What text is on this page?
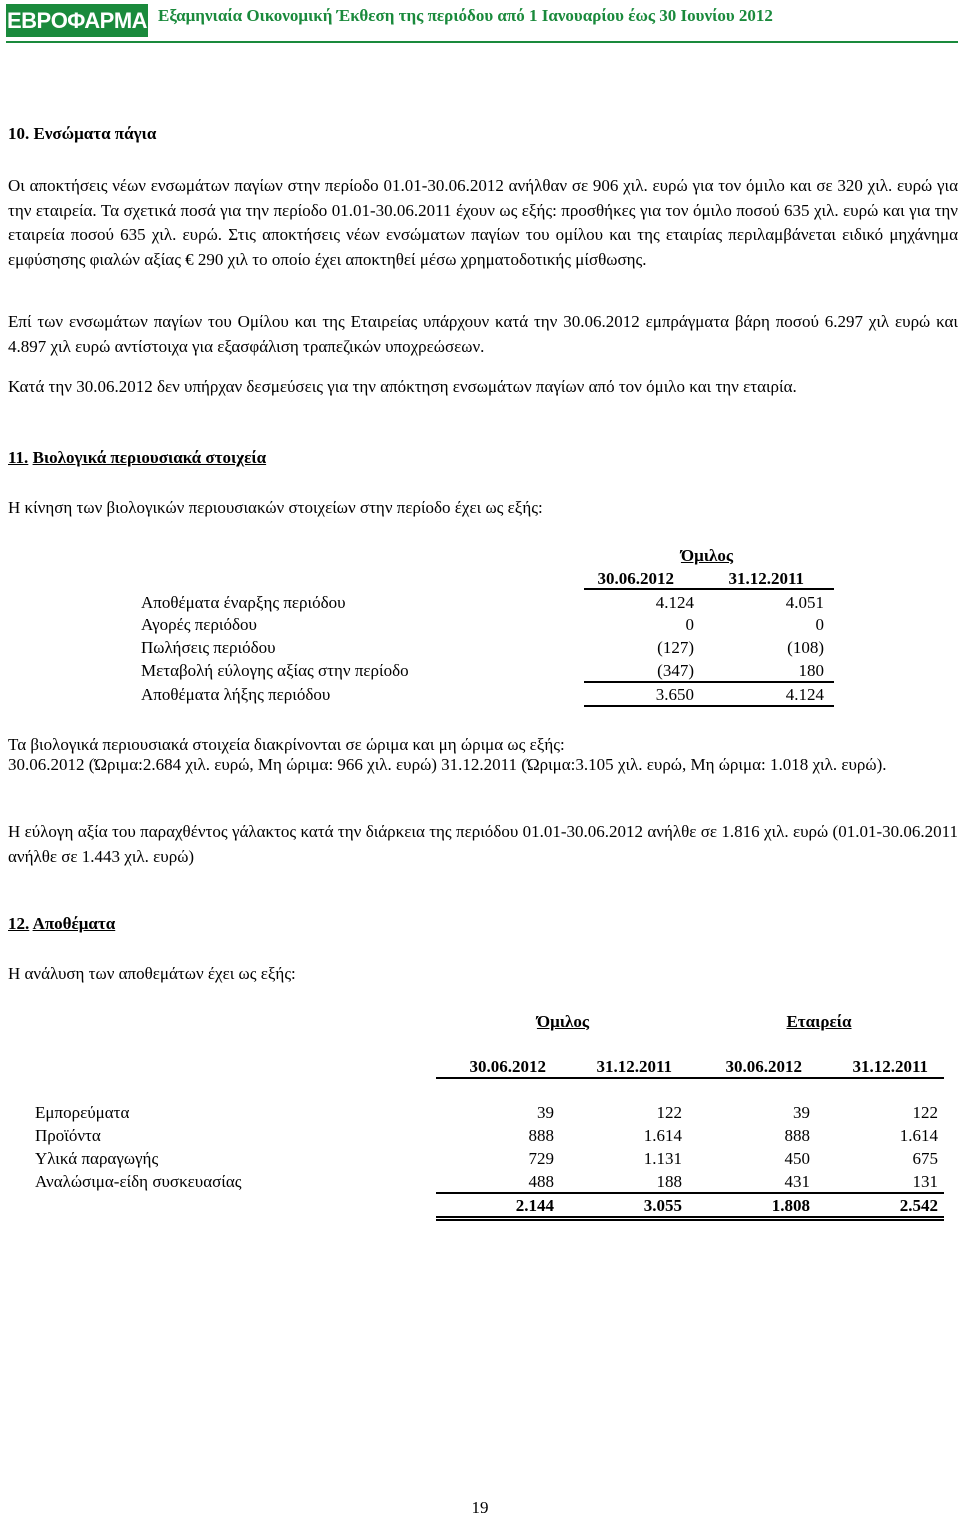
ΕΒΡΟΦΑΡΜΑ Εξαμηνιαία Οικονομική Έκθεση της περιόδου από 1 Ιανουαρίου έως 30 Ιουνίου 2012
10. Ενσώματα πάγια
Οι αποκτήσεις νέων ενσωμάτων παγίων στην περίοδο 01.01-30.06.2012 ανήλθαν σε 906 χιλ. ευρώ για τον όμιλο και σε 320 χιλ. ευρώ για την εταιρεία. Τα σχετικά ποσά για την περίοδο 01.01-30.06.2011 έχουν ως εξής: προσθήκες για τον όμιλο ποσού 635 χιλ. ευρώ και για την εταιρεία ποσού 635 χιλ. ευρώ. Στις αποκτήσεις νέων ενσώματων παγίων του ομίλου και της εταιρίας περιλαμβάνεται ειδικό μηχάνημα εμφύσησης φιαλών αξίας € 290 χιλ το οποίο έχει αποκτηθεί μέσω χρηματοδοτικής μίσθωσης.
Επί των ενσωμάτων παγίων του Ομίλου και της Εταιρείας υπάρχουν κατά την 30.06.2012 εμπράγματα βάρη ποσού 6.297 χιλ ευρώ και 4.897 χιλ ευρώ αντίστοιχα για εξασφάλιση τραπεζικών υποχρεώσεων.
Κατά την 30.06.2012 δεν υπήρχαν δεσμεύσεις για την απόκτηση ενσωμάτων παγίων από τον όμιλο και την εταιρία.
11. Βιολογικά περιουσιακά στοιχεία
Η κίνηση των βιολογικών περιουσιακών στοιχείων στην περίοδο έχει ως εξής:
Όμιλος
30.06.2012	31.12.2011
Αποθέματα έναρξης περιόδου	4.124	4.051
Αγορές περιόδου	0	0
Πωλήσεις περιόδου	(127)	(108)
Μεταβολή εύλογης αξίας στην περίοδο	(347)	180
Αποθέματα λήξης περιόδου	3.650	4.124
Τα βιολογικά περιουσιακά στοιχεία διακρίνονται σε ώριμα και μη ώριμα ως εξής:
30.06.2012 (Ώριμα:2.684 χιλ. ευρώ, Μη ώριμα: 966 χιλ. ευρώ) 31.12.2011 (Ώριμα:3.105 χιλ. ευρώ, Μη ώριμα: 1.018 χιλ. ευρώ).
Η εύλογη αξία του παραχθέντος γάλακτος κατά την διάρκεια της περιόδου 01.01-30.06.2012 ανήλθε σε 1.816 χιλ. ευρώ (01.01-30.06.2011 ανήλθε σε 1.443 χιλ. ευρώ)
12. Αποθέματα
Η ανάλυση των αποθεμάτων έχει ως εξής:
Όμιλος	Εταιρεία
30.06.2012	31.12.2011	30.06.2012	31.12.2011
Εμπορεύματα	39	122	39	122
Προϊόντα	888	1.614	888	1.614
Υλικά παραγωγής	729	1.131	450	675
Αναλώσιμα-είδη συσκευασίας	488	188	431	131
2.144	3.055	1.808	2.542
19
